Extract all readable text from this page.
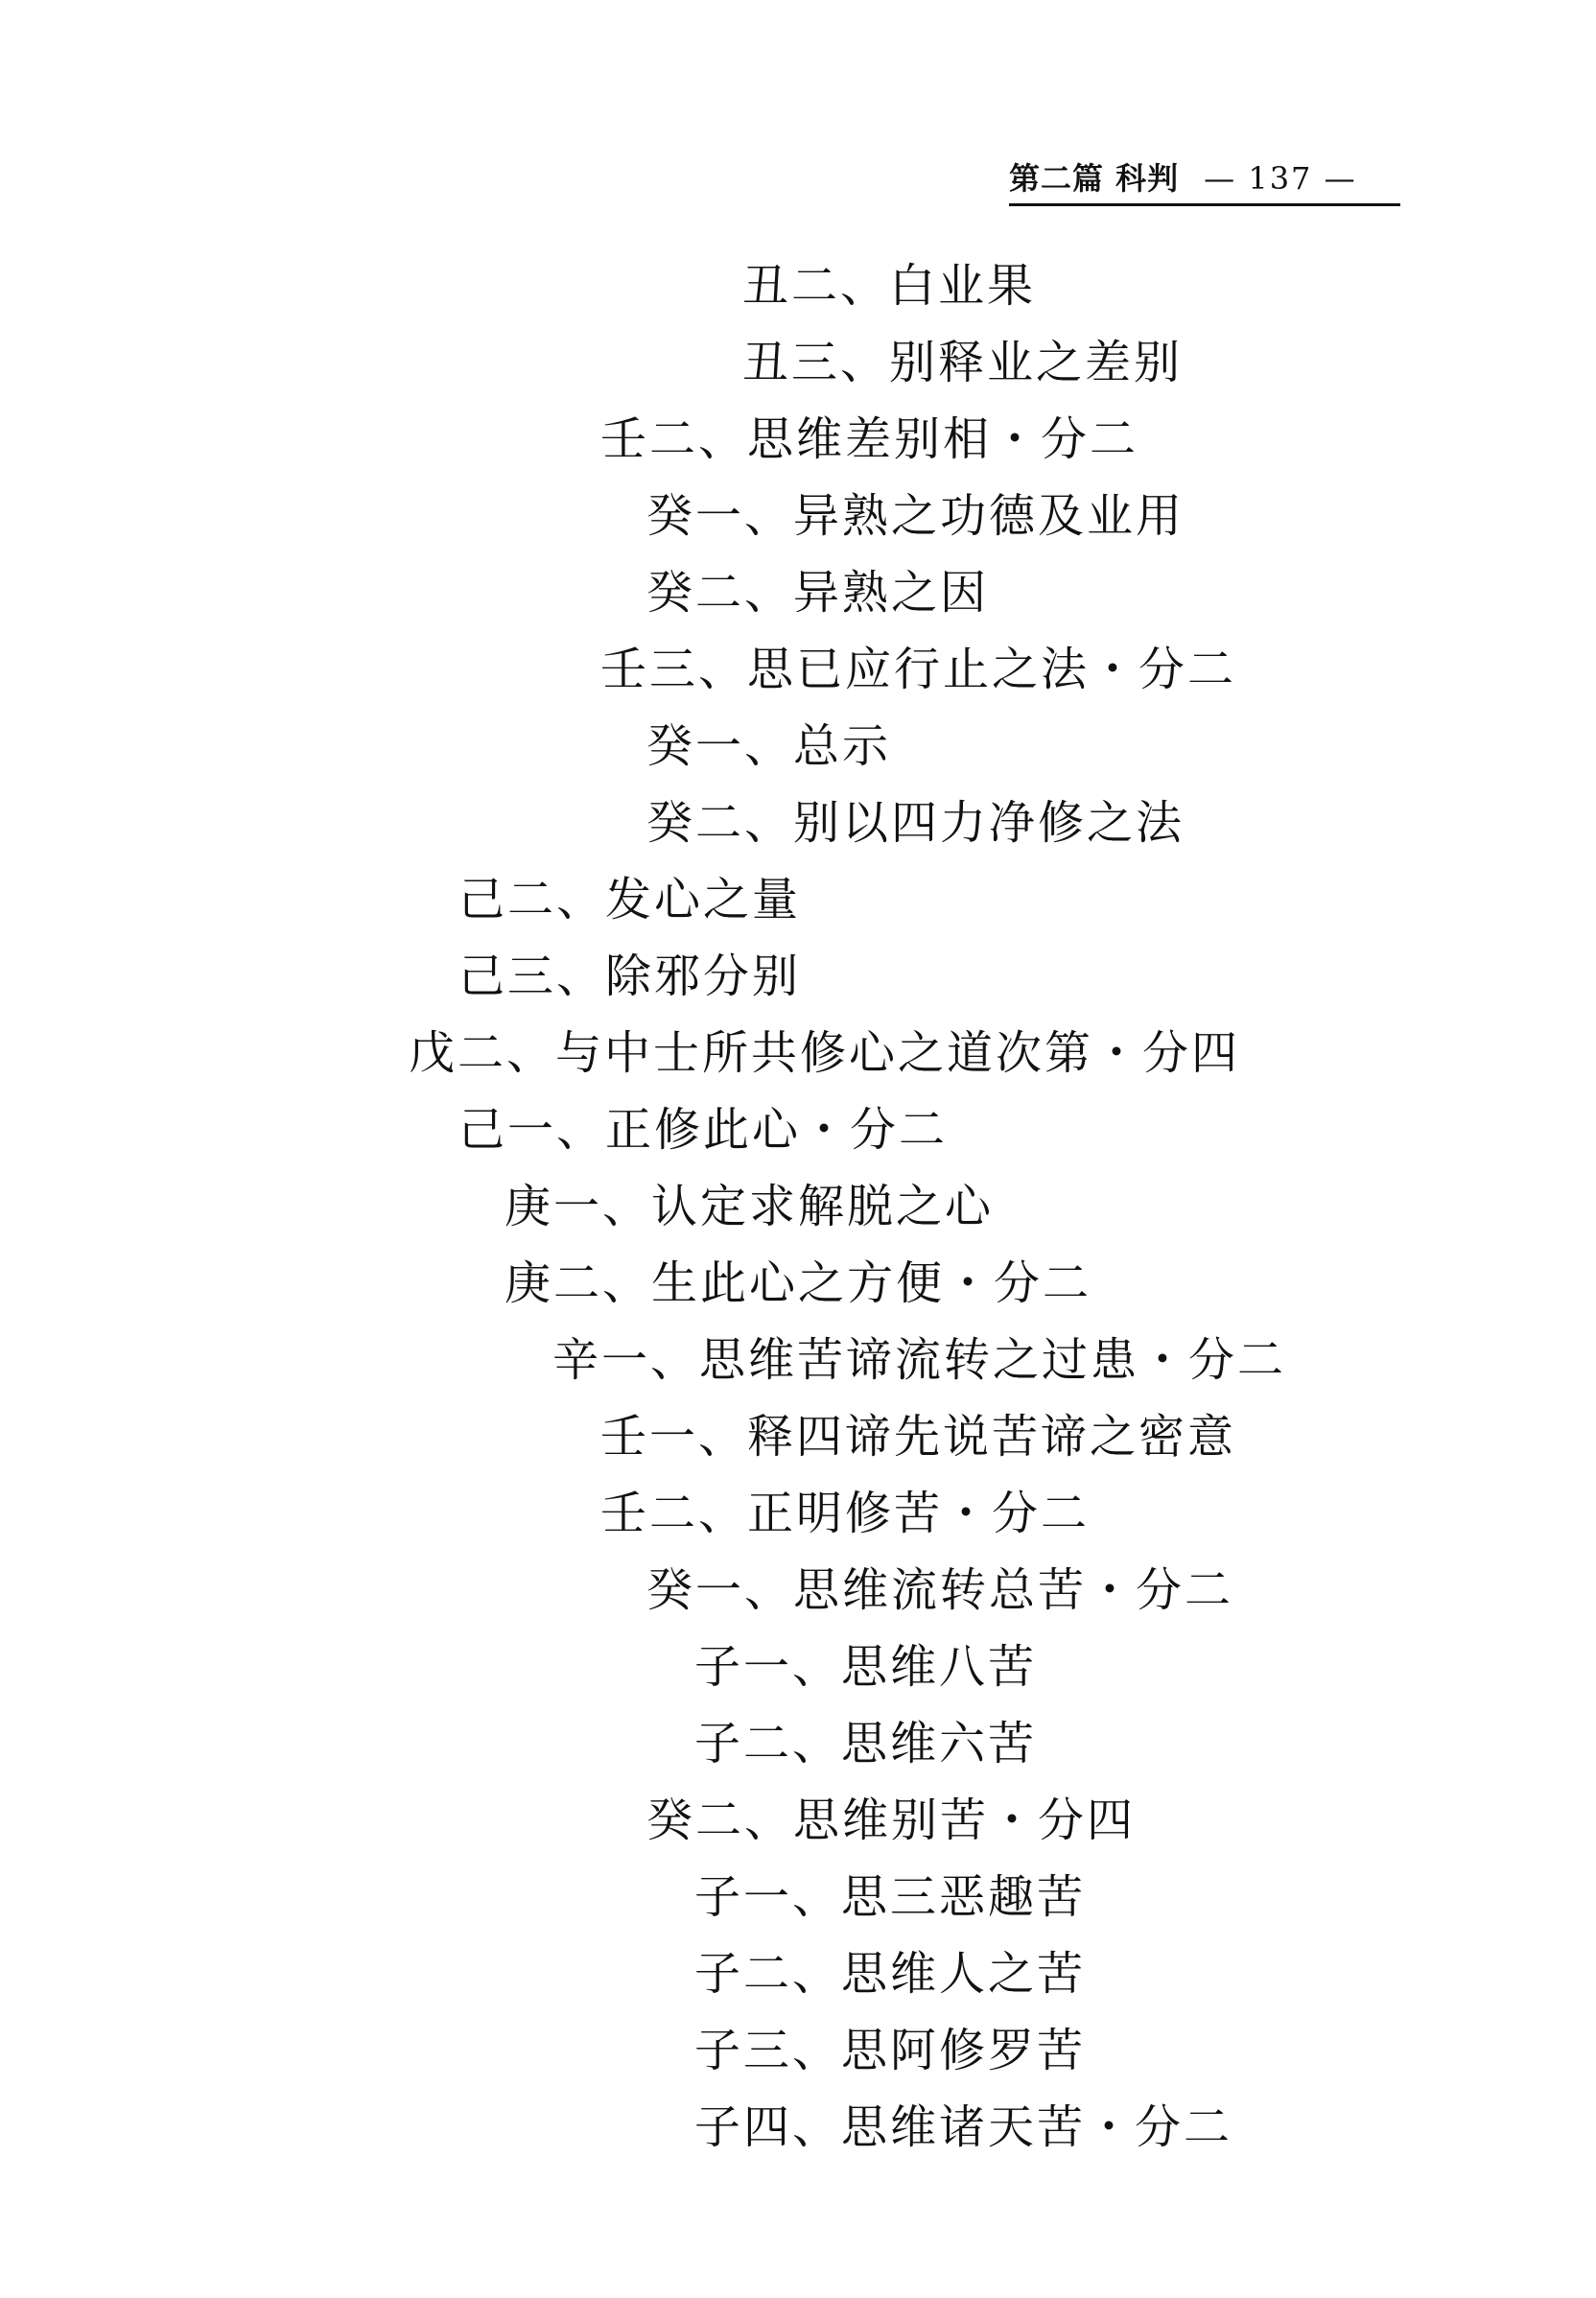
第二篇 科判 — 137 —
丑二、白业果
丑三、别释业之差别
壬二、思维差别相・分二
癸一、异熟之功德及业用
癸二、异熟之因
壬三、思已应行止之法・分二
癸一、总示
癸二、别以四力净修之法
己二、发心之量
己三、除邪分别
戊二、与中士所共修心之道次第・分四
己一、正修此心・分二
庚一、认定求解脱之心
庚二、生此心之方便・分二
辛一、思维苦谛流转之过患・分二
壬一、释四谛先说苦谛之密意
壬二、正明修苦・分二
癸一、思维流转总苦・分二
子一、思维八苦
子二、思维六苦
癸二、思维别苦・分四
子一、思三恶趣苦
子二、思维人之苦
子三、思阿修罗苦
子四、思维诸天苦・分二
